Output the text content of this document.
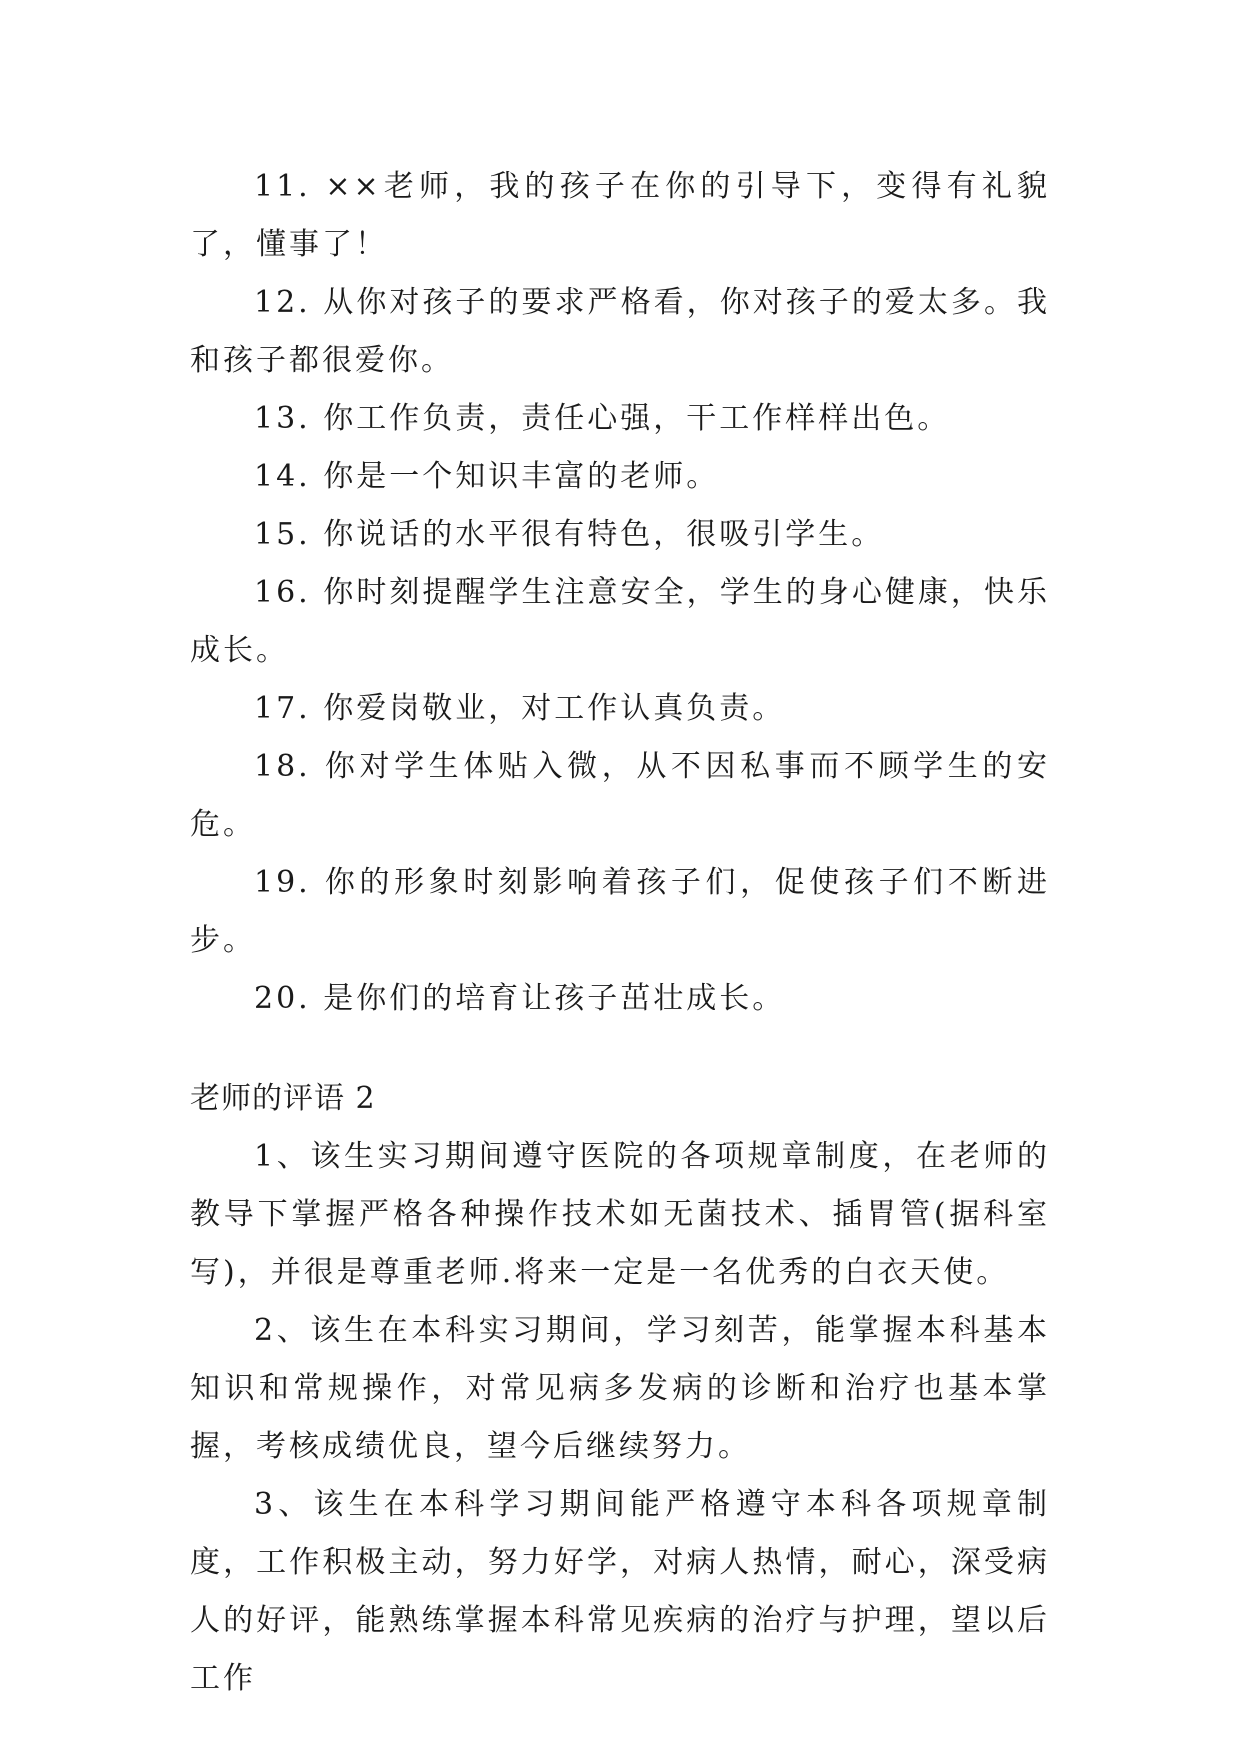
11. ××老师，我的孩子在你的引导下，变得有礼貌了，懂事了！

12. 从你对孩子的要求严格看，你对孩子的爱太多。我和孩子都很爱你。

13. 你工作负责，责任心强，干工作样样出色。

14. 你是一个知识丰富的老师。

15. 你说话的水平很有特色，很吸引学生。

16. 你时刻提醒学生注意安全，学生的身心健康，快乐成长。

17. 你爱岗敬业，对工作认真负责。

18. 你对学生体贴入微，从不因私事而不顾学生的安危。

19. 你的形象时刻影响着孩子们，促使孩子们不断进步。

20. 是你们的培育让孩子茁壮成长。

老师的评语 2

1、该生实习期间遵守医院的各项规章制度，在老师的教导下掌握严格各种操作技术如无菌技术、插胃管(据科室写)，并很是尊重老师.将来一定是一名优秀的白衣天使。

2、该生在本科实习期间，学习刻苦，能掌握本科基本知识和常规操作，对常见病多发病的诊断和治疗也基本掌握，考核成绩优良，望今后继续努力。

3、该生在本科学习期间能严格遵守本科各项规章制度，工作积极主动，努力好学，对病人热情，耐心，深受病人的好评，能熟练掌握本科常见疾病的治疗与护理，望以后工作
